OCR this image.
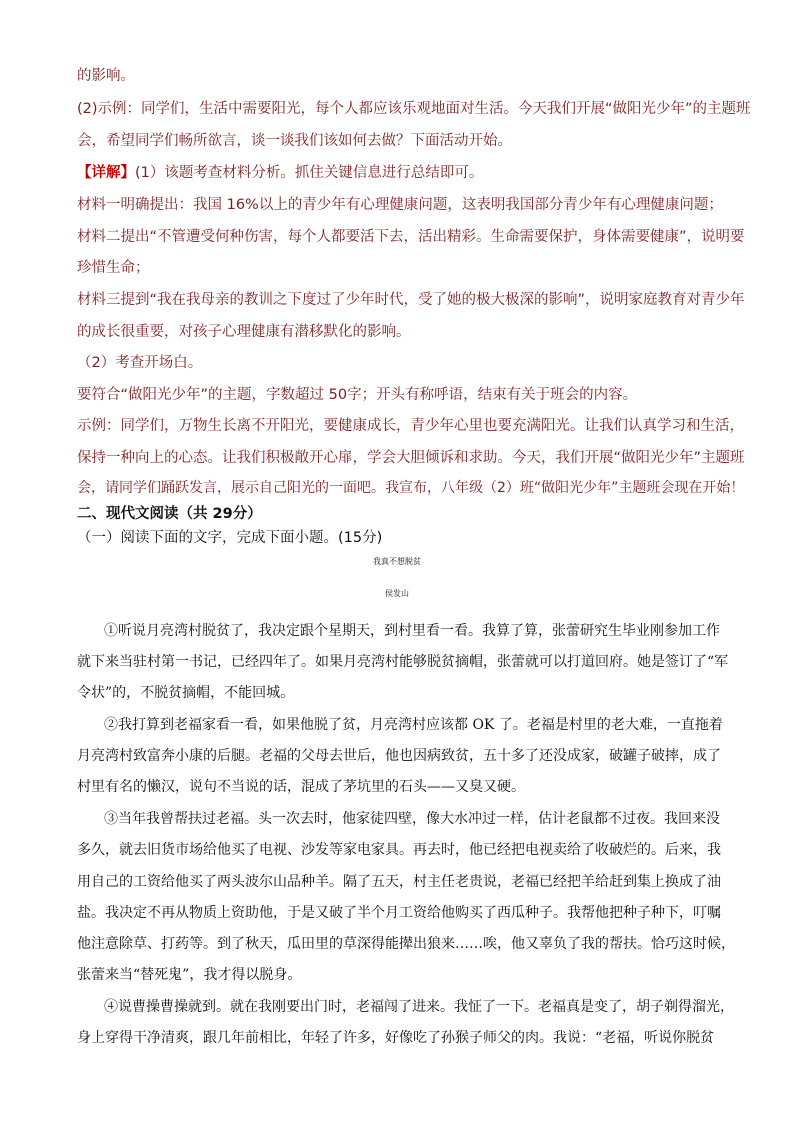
的影响。

(2)示例：同学们，生活中需要阳光，每个人都应该乐观地面对生活。今天我们开展“做阳光少年”的主题班

会，希望同学们畅所欲言，谈一谈我们该如何去做？下面活动开始。

【详解】(1）该题考查材料分析。抓住关键信息进行总结即可。

材料一明确提出：我国 16%以上的青少年有心理健康问题，这表明我国部分青少年有心理健康问题；

材料二提出“不管遭受何种伤害，每个人都要活下去，活出精彩。生命需要保护，身体需要健康”，说明要

珍惜生命；

材料三提到“我在我母亲的教训之下度过了少年时代，受了她的极大极深的影响”，说明家庭教育对青少年

的成长很重要，对孩子心理健康有潜移默化的影响。

（2）考查开场白。

要符合“做阳光少年”的主题，字数超过 50字；开头有称呼语，结束有关于班会的内容。

示例：同学们，万物生长离不开阳光，要健康成长，青少年心里也要充满阳光。让我们认真学习和生活，

保持一种向上的心态。让我们积极敞开心扉，学会大胆倾诉和求助。今天，我们开展“做阳光少年”主题班

会，请同学们踊跃发言，展示自己阳光的一面吧。我宣布，八年级（2）班“做阳光少年”主题班会现在开始！

二、现代文阅读（共 29分）

（一）阅读下面的文字，完成下面小题。(15分)

我真不想脱贫

侯发山

①听说月亮湾村脱贫了，我决定跟个星期天，到村里看一看。我算了算，张蕾研究生毕业刚参加工作

就下来当驻村第一书记，已经四年了。如果月亮湾村能够脱贫摘帽，张蕾就可以打道回府。她是签订了“军

令状”的，不脱贫摘帽，不能回城。

②我打算到老福家看一看，如果他脱了贫，月亮湾村应该都 OK 了。老福是村里的老大难，一直拖着

月亮湾村致富奔小康的后腿。老福的父母去世后，他也因病致贫，五十多了还没成家，破罐子破摔，成了

村里有名的懒汉，说句不当说的话，混成了茅坑里的石头——又臭又硬。

③当年我曾帮扶过老福。头一次去时，他家徒四壁，像大水冲过一样，估计老鼠都不过夜。我回来没

多久，就去旧货市场给他买了电视、沙发等家电家具。再去时，他已经把电视卖给了收破烂的。后来，我

用自己的工资给他买了两头波尔山品种羊。隔了五天，村主任老贵说，老福已经把羊给赶到集上换成了油

盐。我决定不再从物质上资助他，于是又破了半个月工资给他购买了西瓜种子。我帮他把种子种下，叮嘱

他注意除草、打药等。到了秋天，瓜田里的草深得能撵出狼来……唉，他又辜负了我的帮扶。恰巧这时候，

张蕾来当“替死鬼”，我才得以脱身。

④说曹操曹操就到。就在我刚要出门时，老福闯了进来。我怔了一下。老福真是变了，胡子剃得溜光，

身上穿得干净清爽，跟几年前相比，年轻了许多，好像吃了孙猴子师父的肉。我说：“老福，听说你脱贫
